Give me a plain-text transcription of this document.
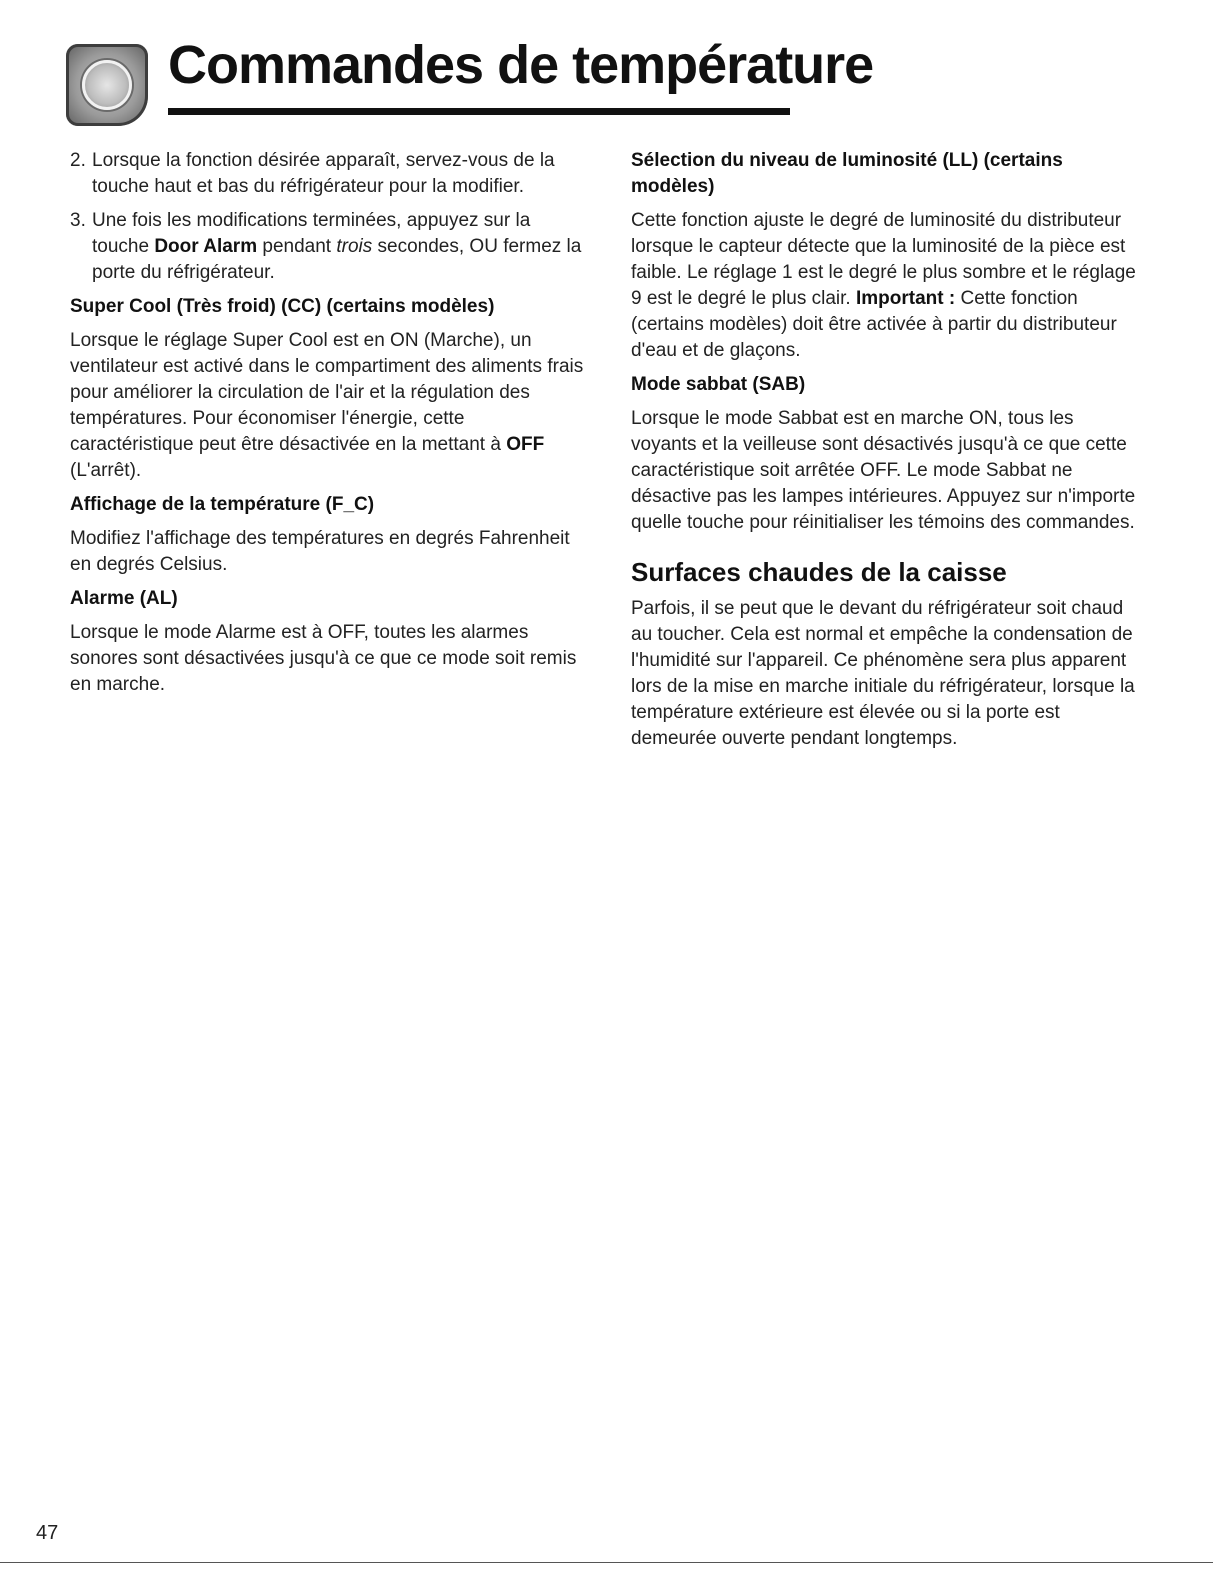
Commandes de température
2. Lorsque la fonction désirée apparaît, servez-vous de la touche haut et bas du réfrigérateur pour la modifier.
3. Une fois les modifications terminées, appuyez sur la touche Door Alarm pendant trois secondes, OU fermez la porte du réfrigérateur.
Super Cool (Très froid) (CC) (certains modèles)

Lorsque le réglage Super Cool est en ON (Marche), un ventilateur est activé dans le compartiment des aliments frais pour améliorer la circulation de l'air et la régulation des températures. Pour économiser l'énergie, cette caractéristique peut être désactivée en la mettant à OFF (L'arrêt).

Affichage de la température (F_C)

Modifiez l'affichage des températures en degrés Fahrenheit en degrés Celsius.

Alarme (AL)

Lorsque le mode Alarme est à OFF, toutes les alarmes sonores sont désactivées jusqu'à ce que ce mode soit remis en marche.

Sélection du niveau de luminosité (LL) (certains modèles)

Cette fonction ajuste le degré de luminosité du distributeur lorsque le capteur détecte que la luminosité de la pièce est faible. Le réglage 1 est le degré le plus sombre et le réglage 9 est le degré le plus clair. Important : Cette fonction (certains modèles) doit être activée à partir du distributeur d'eau et de glaçons.

Mode sabbat (SAB)

Lorsque le mode Sabbat est en marche ON, tous les voyants et la veilleuse sont désactivés jusqu'à ce que cette caractéristique soit arrêtée OFF. Le mode Sabbat ne désactive pas les lampes intérieures. Appuyez sur n'importe quelle touche pour réinitialiser les témoins des commandes.

Surfaces chaudes de la caisse

Parfois, il se peut que le devant du réfrigérateur soit chaud au toucher. Cela est normal et empêche la condensation de l'humidité sur l'appareil. Ce phénomène sera plus apparent lors de la mise en marche initiale du réfrigérateur, lorsque la température extérieure est élevée ou si la porte est demeurée ouverte pendant longtemps.

47
